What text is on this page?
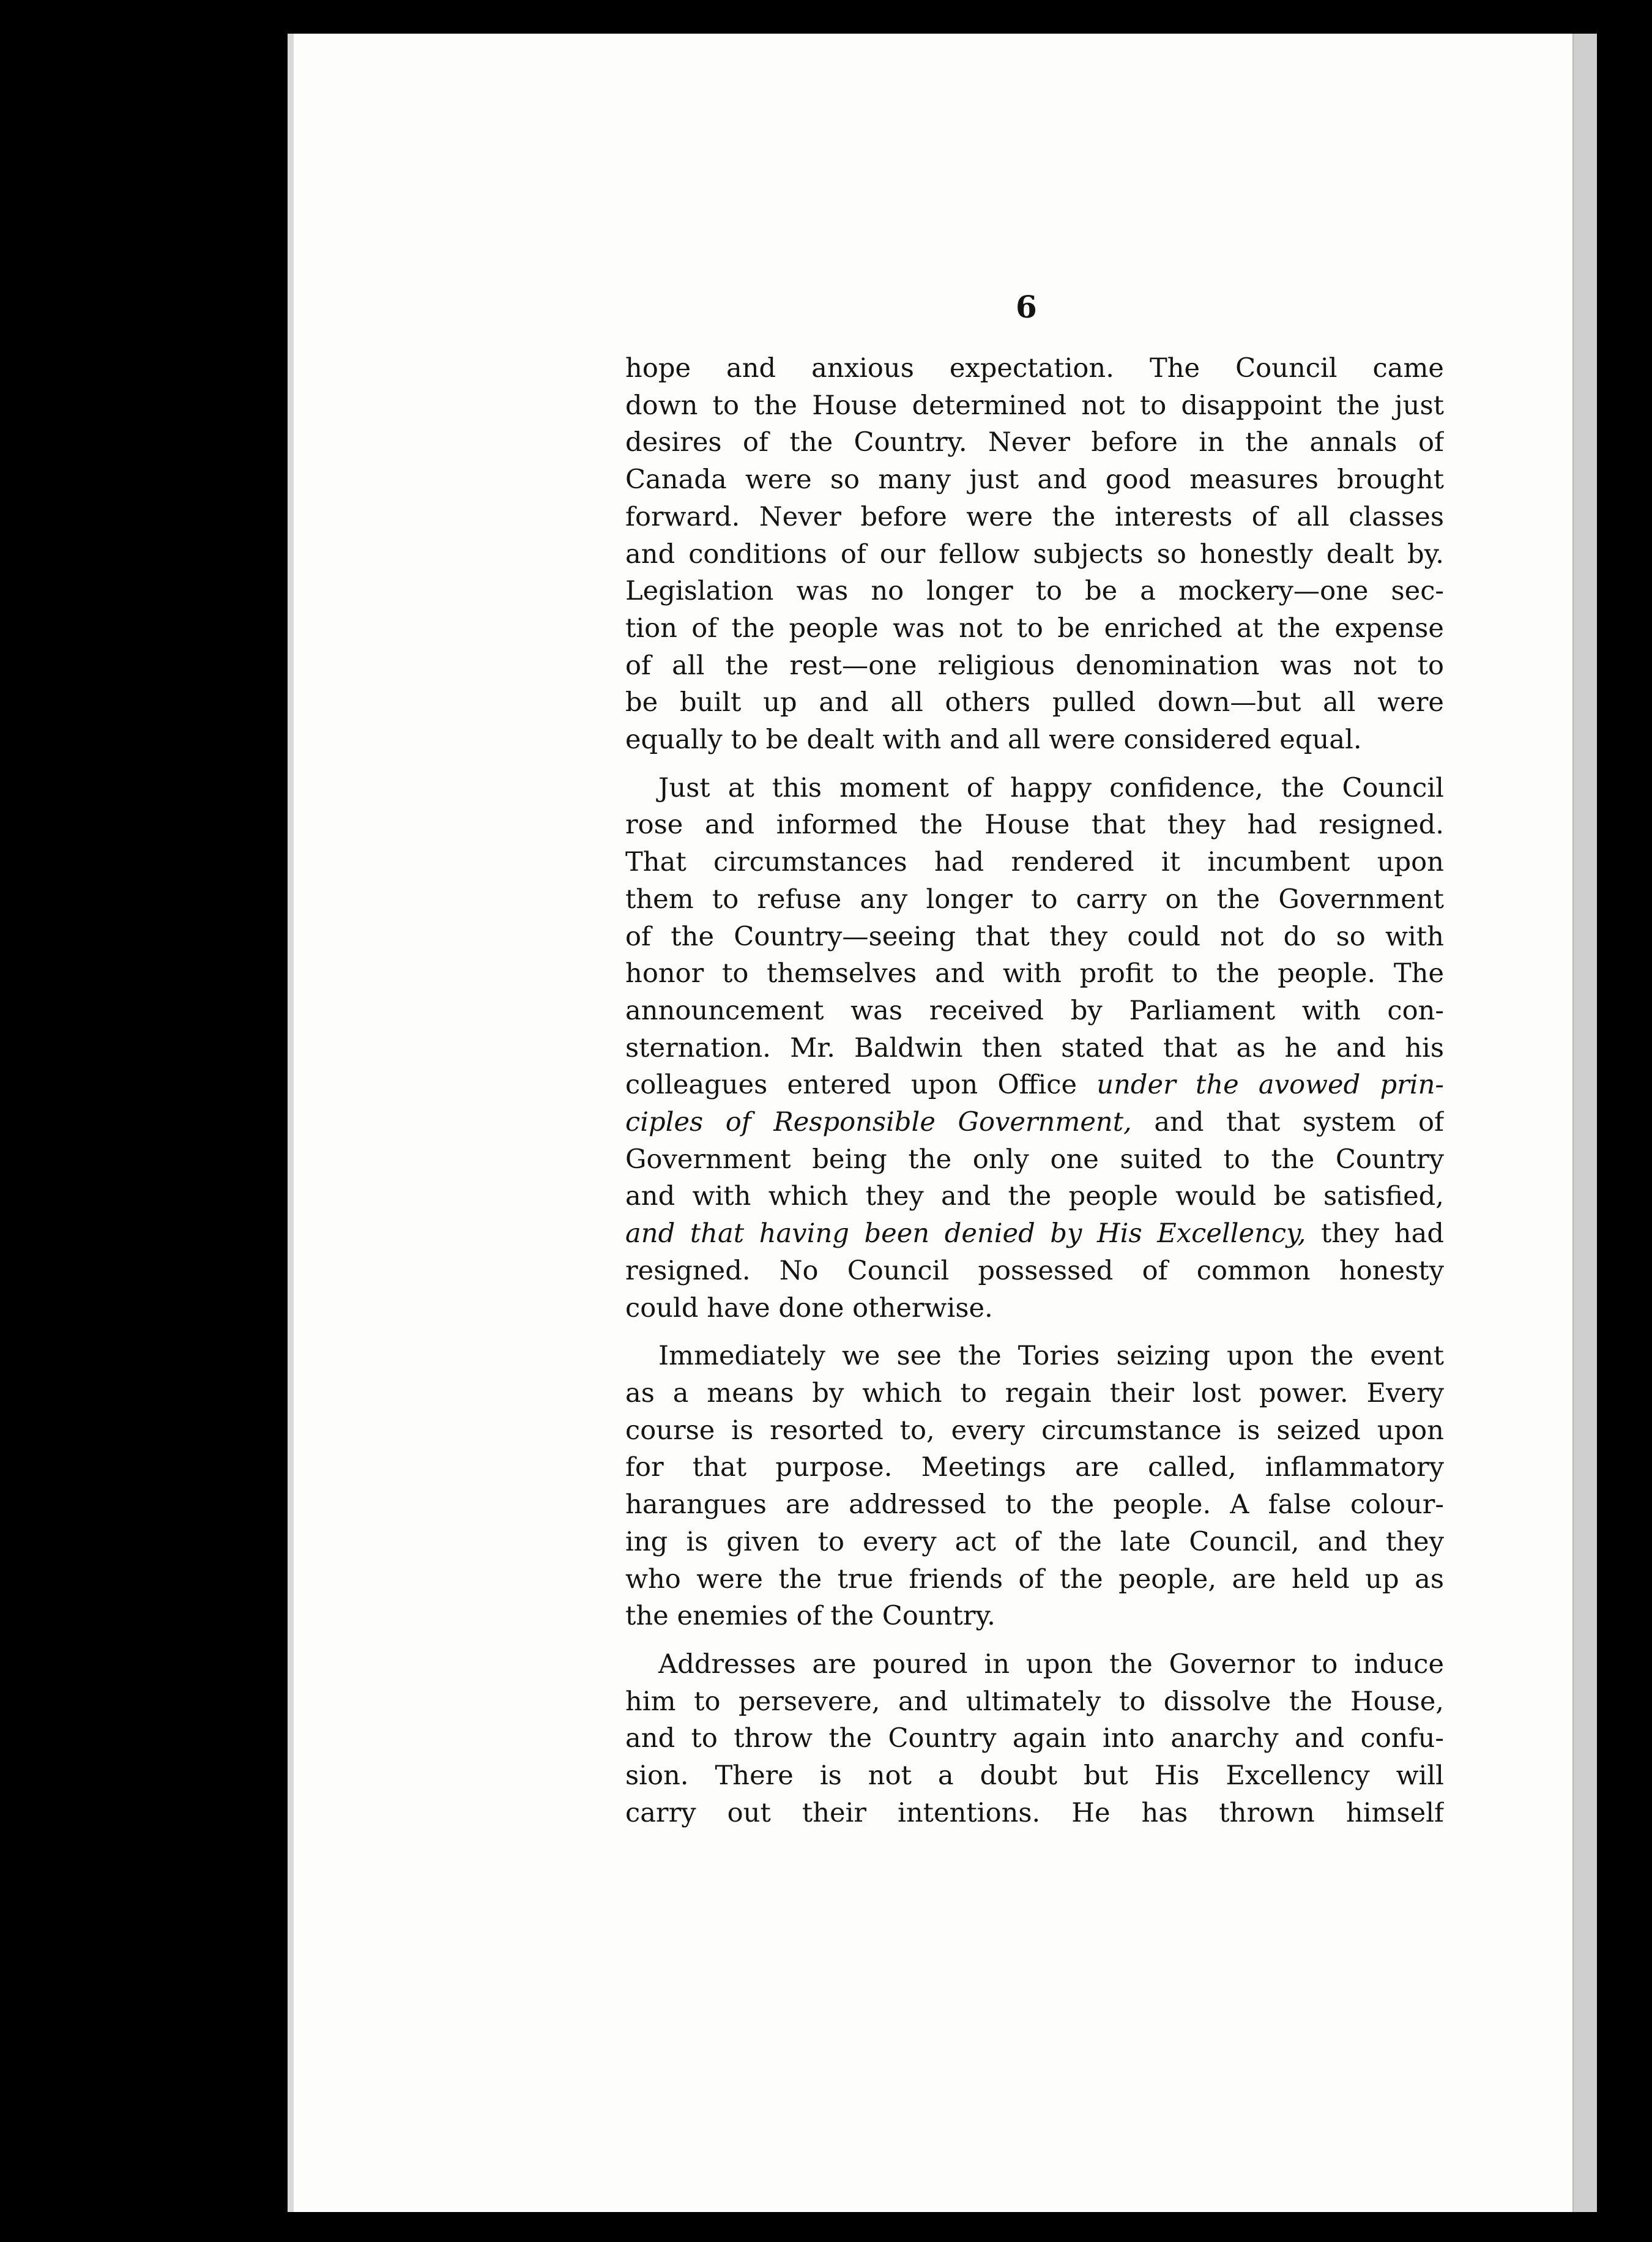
6
hope and anxious expectation. The Council came
down to the House determined not to disappoint the just
desires of the Country. Never before in the annals of
Canada were so many just and good measures brought
forward. Never before were the interests of all classes
and conditions of our fellow subjects so honestly dealt by.
Legislation was no longer to be a mockery—one sec-
tion of the people was not to be enriched at the expense
of all the rest—one religious denomination was not to
be built up and all others pulled down—but all were
equally to be dealt with and all were considered equal.
Just at this moment of happy confidence, the Council
rose and informed the House that they had resigned.
That circumstances had rendered it incumbent upon
them to refuse any longer to carry on the Government
of the Country—seeing that they could not do so with
honor to themselves and with profit to the people. The
announcement was received by Parliament with con-
sternation. Mr. Baldwin then stated that as he and his
colleagues entered upon Office under the avowed prin-
ciples of Responsible Government, and that system of
Government being the only one suited to the Country
and with which they and the people would be satisfied,
and that having been denied by His Excellency, they had
resigned. No Council possessed of common honesty
could have done otherwise.
Immediately we see the Tories seizing upon the event
as a means by which to regain their lost power. Every
course is resorted to, every circumstance is seized upon
for that purpose. Meetings are called, inflammatory
harangues are addressed to the people. A false colour-
ing is given to every act of the late Council, and they
who were the true friends of the people, are held up as
the enemies of the Country.
Addresses are poured in upon the Governor to induce
him to persevere, and ultimately to dissolve the House,
and to throw the Country again into anarchy and confu-
sion. There is not a doubt but His Excellency will
carry out their intentions. He has thrown himself
